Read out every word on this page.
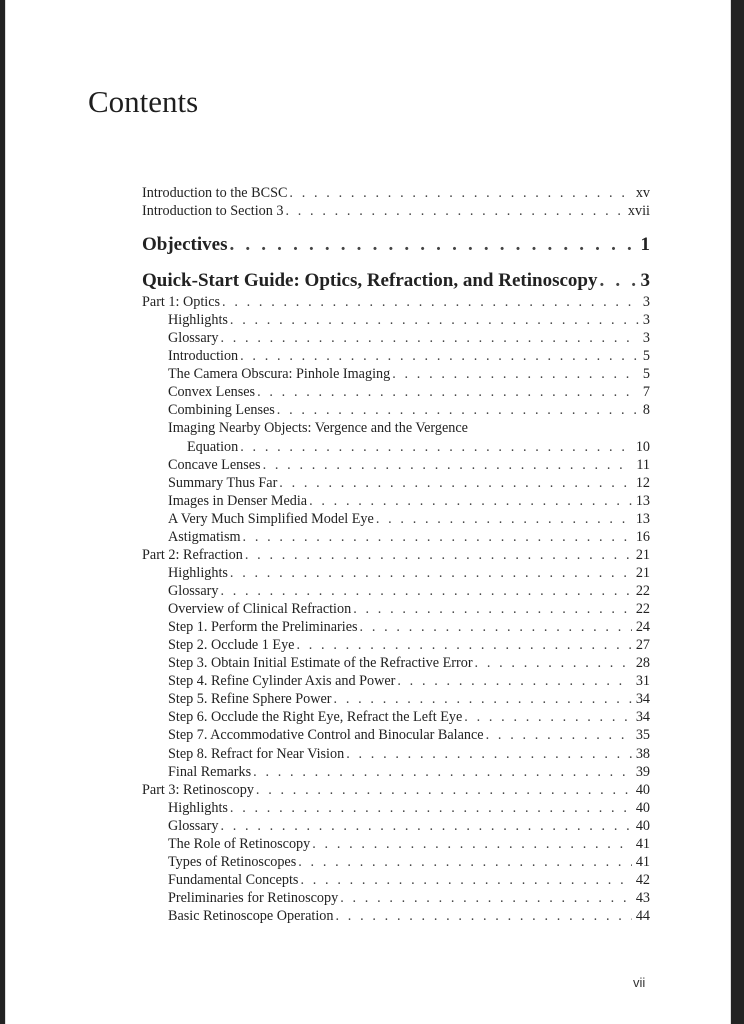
Contents
Introduction to the BCSC . . .	xv
Introduction to Section 3 . . .	xvii
Objectives . . .	1
Quick-Start Guide: Optics, Refraction, and Retinoscopy . . . 3
Part 1: Optics . . .	3
Highlights . . .	3
Glossary . . .	3
Introduction . . .	5
The Camera Obscura: Pinhole Imaging . . .	5
Convex Lenses . . .	7
Combining Lenses . . .	8
Imaging Nearby Objects: Vergence and the Vergence
Equation . . .	10
Concave Lenses . . .	11
Summary Thus Far . . .	12
Images in Denser Media . . .	13
A Very Much Simplified Model Eye . . .	13
Astigmatism . . .	16
Part 2: Refraction . . .	21
Highlights . . .	21
Glossary . . .	22
Overview of Clinical Refraction . . .	22
Step 1. Perform the Preliminaries . . .	24
Step 2. Occlude 1 Eye . . .	27
Step 3. Obtain Initial Estimate of the Refractive Error . . .	28
Step 4. Refine Cylinder Axis and Power . . .	31
Step 5. Refine Sphere Power . . .	34
Step 6. Occlude the Right Eye, Refract the Left Eye . . .	34
Step 7. Accommodative Control and Binocular Balance . . .	35
Step 8. Refract for Near Vision . . .	38
Final Remarks . . .	39
Part 3: Retinoscopy . . .	40
Highlights . . .	40
Glossary . . .	40
The Role of Retinoscopy . . .	41
Types of Retinoscopes . . .	41
Fundamental Concepts . . .	42
Preliminaries for Retinoscopy . . .	43
Basic Retinoscope Operation . . .	44
vii
